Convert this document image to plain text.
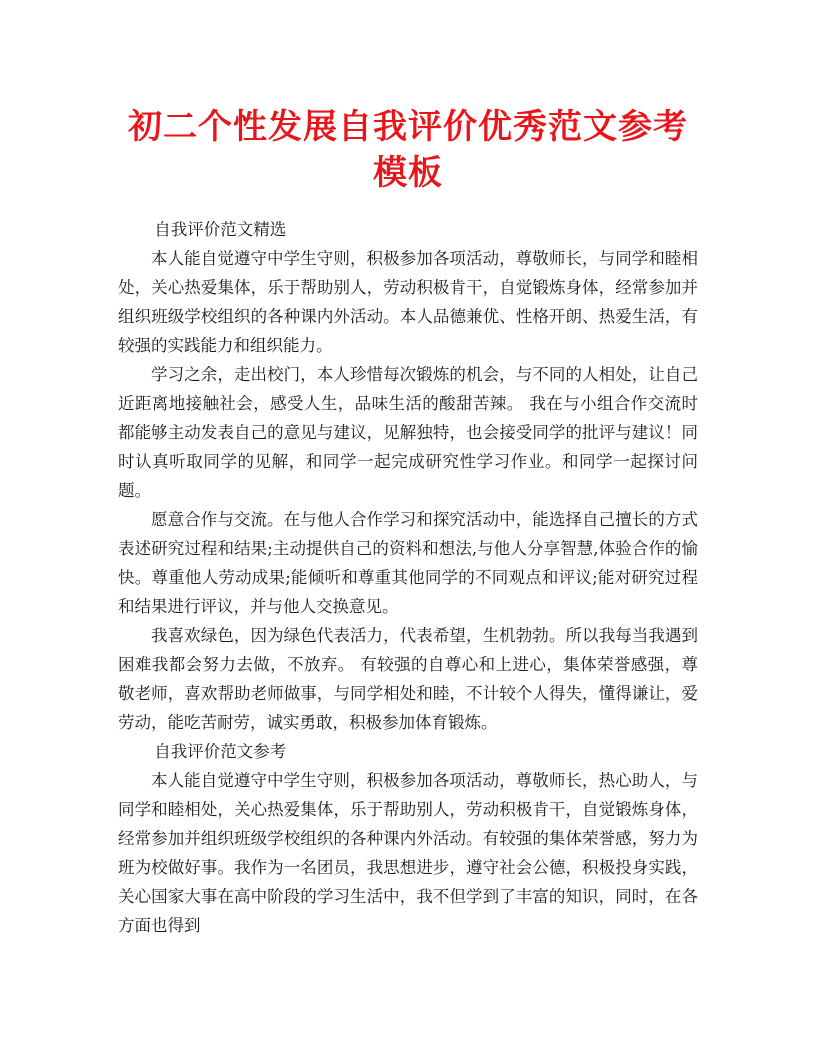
初二个性发展自我评价优秀范文参考模板

自我评价范文精选

本人能自觉遵守中学生守则，积极参加各项活动，尊敬师长，与同学和睦相处，关心热爱集体，乐于帮助别人，劳动积极肯干，自觉锻炼身体，经常参加并组织班级学校组织的各种课内外活动。本人品德兼优、性格开朗、热爱生活，有较强的实践能力和组织能力。

学习之余，走出校门，本人珍惜每次锻炼的机会，与不同的人相处，让自己近距离地接触社会，感受人生，品味生活的酸甜苦辣。 我在与小组合作交流时都能够主动发表自己的意见与建议，见解独特，也会接受同学的批评与建议！同时认真听取同学的见解，和同学一起完成研究性学习作业。和同学一起探讨问题。

愿意合作与交流。在与他人合作学习和探究活动中，能选择自己擅长的方式表述研究过程和结果;主动提供自己的资料和想法,与他人分享智慧,体验合作的愉快。尊重他人劳动成果;能倾听和尊重其他同学的不同观点和评议;能对研究过程和结果进行评议，并与他人交换意见。

我喜欢绿色，因为绿色代表活力，代表希望，生机勃勃。所以我每当我遇到困难我都会努力去做，不放弃。 有较强的自尊心和上进心，集体荣誉感强，尊敬老师，喜欢帮助老师做事，与同学相处和睦，不计较个人得失，懂得谦让，爱劳动，能吃苦耐劳，诚实勇敢，积极参加体育锻炼。

自我评价范文参考

本人能自觉遵守中学生守则，积极参加各项活动，尊敬师长，热心助人，与同学和睦相处，关心热爱集体，乐于帮助别人，劳动积极肯干，自觉锻炼身体，经常参加并组织班级学校组织的各种课内外活动。有较强的集体荣誉感，努力为班为校做好事。我作为一名团员，我思想进步，遵守社会公德，积极投身实践，关心国家大事在高中阶段的学习生活中，我不但学到了丰富的知识，同时，在各方面也得到
